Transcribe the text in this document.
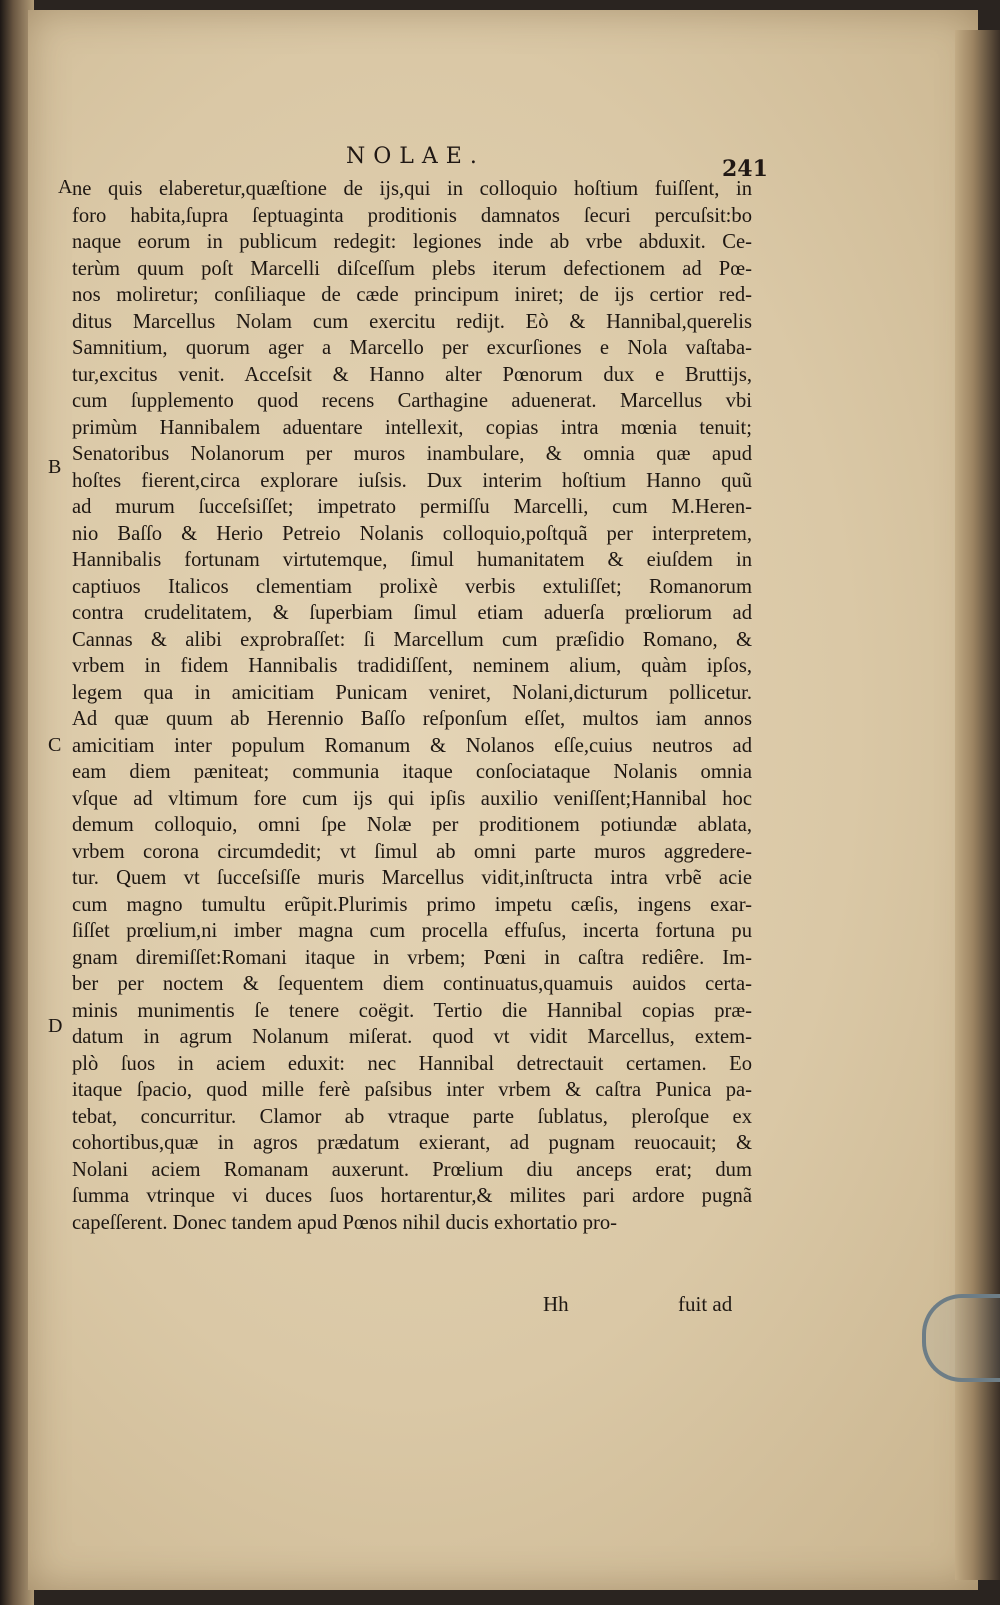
NOLAE.	241
A
B
C
D
ne quis elaberetur,quæſtione de ijs,qui in colloquio hoſtium fuiſſent, in
foro habita,ſupra ſeptuaginta proditionis damnatos ſecuri percuſsit:bo
naque eorum in publicum redegit: legiones inde ab vrbe abduxit. Ce-
terùm quum poſt Marcelli diſceſſum plebs iterum defectionem ad Pœ-
nos moliretur; conſiliaque de cæde principum iniret; de ijs certior red-
ditus Marcellus Nolam cum exercitu redijt. Eò & Hannibal,querelis
Samnitium, quorum ager a Marcello per excurſiones e Nola vaſtaba-
tur,excitus venit. Acceſsit & Hanno alter Pœnorum dux e Bruttijs,
cum ſupplemento quod recens Carthagine aduenerat. Marcellus vbi
primùm Hannibalem aduentare intellexit, copias intra mœnia tenuit;
Senatoribus Nolanorum per muros inambulare, & omnia quæ apud
hoſtes fierent,circa explorare iuſsis. Dux interim hoſtium Hanno quũ
ad murum ſucceſsiſſet; impetrato permiſſu Marcelli, cum M.Heren-
nio Baſſo & Herio Petreio Nolanis colloquio,poſtquã per interpretem,
Hannibalis fortunam virtutemque, ſimul humanitatem & eiuſdem in
captiuos Italicos clementiam prolixè verbis extuliſſet; Romanorum
contra crudelitatem, & ſuperbiam ſimul etiam aduerſa prœliorum ad
Cannas & alibi exprobraſſet: ſi Marcellum cum præſidio Romano, &
vrbem in fidem Hannibalis tradidiſſent, neminem alium, quàm ipſos,
legem qua in amicitiam Punicam veniret, Nolani,dicturum pollicetur.
Ad quæ quum ab Herennio Baſſo reſponſum eſſet, multos iam annos
amicitiam inter populum Romanum & Nolanos eſſe,cuius neutros ad
eam diem pæniteat; communia itaque conſociataque Nolanis omnia
vſque ad vltimum fore cum ijs qui ipſis auxilio veniſſent;Hannibal hoc
demum colloquio, omni ſpe Nolæ per proditionem potiundæ ablata,
vrbem corona circumdedit; vt ſimul ab omni parte muros aggredere-
tur. Quem vt ſucceſsiſſe muris Marcellus vidit,inſtructa intra vrbẽ acie
cum magno tumultu erũpit.Plurimis primo impetu cæſis, ingens exar-
ſiſſet prœlium,ni imber magna cum procella effuſus, incerta fortuna pu
gnam diremiſſet:Romani itaque in vrbem; Pœni in caſtra rediêre. Im-
ber per noctem & ſequentem diem continuatus,quamuis auidos certa-
minis munimentis ſe tenere coëgit. Tertio die Hannibal copias præ-
datum in agrum Nolanum miſerat. quod vt vidit Marcellus, extem-
plò ſuos in aciem eduxit: nec Hannibal detrectauit certamen. Eo
itaque ſpacio, quod mille ferè paſsibus inter vrbem & caſtra Punica pa-
tebat, concurritur. Clamor ab vtraque parte ſublatus, pleroſque ex
cohortibus,quæ in agros prædatum exierant, ad pugnam reuocauit; &
Nolani aciem Romanam auxerunt. Prœlium diu anceps erat; dum
ſumma vtrinque vi duces ſuos hortarentur,& milites pari ardore pugnã
capeſſerent. Donec tandem apud Pœnos nihil ducis exhortatio pro-
Hh	fuit ad
